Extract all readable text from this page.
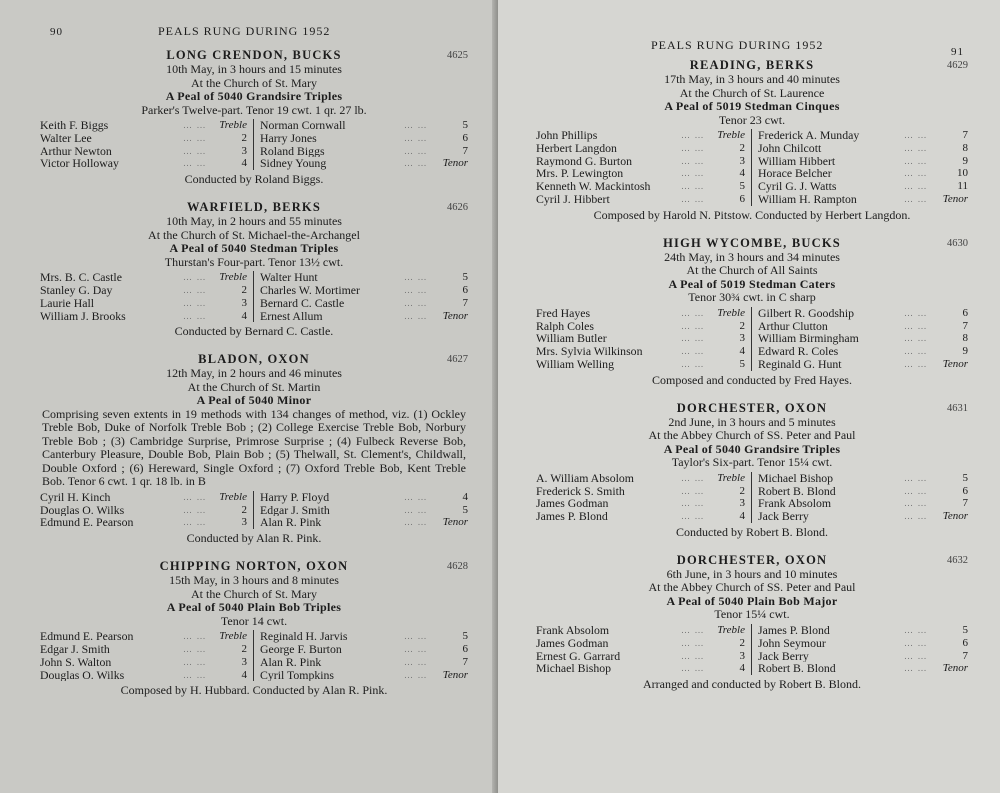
90	PEALS RUNG DURING 1952
LONG CRENDON, BUCKS	4625
10th May, in 3 hours and 15 minutes
At the Church of St. Mary
A Peal of 5040 Grandsire Triples
Parker's Twelve-part. Tenor 19 cwt. 1 qr. 27 lb.
Keith F. Biggs	… …	Treble
Walter Lee	… …	2
Arthur Newton	… …	3
Victor Holloway	… …	4
Norman Cornwall	… …	5
Harry Jones	… …	6
Roland Biggs	… …	7
Sidney Young	… …	Tenor
Conducted by Roland Biggs.
WARFIELD, BERKS	4626
10th May, in 2 hours and 55 minutes
At the Church of St. Michael-the-Archangel
A Peal of 5040 Stedman Triples
Thurstan's Four-part. Tenor 13½ cwt.
Mrs. B. C. Castle	… …	Treble
Stanley G. Day	… …	2
Laurie Hall	… …	3
William J. Brooks	… …	4
Walter Hunt	… …	5
Charles W. Mortimer	… …	6
Bernard C. Castle	… …	7
Ernest Allum	… …	Tenor
Conducted by Bernard C. Castle.
BLADON, OXON	4627
12th May, in 2 hours and 46 minutes
At the Church of St. Martin
A Peal of 5040 Minor
Comprising seven extents in 19 methods with 134 changes of method, viz. (1) Ockley Treble Bob, Duke of Norfolk Treble Bob ; (2) College Exercise Treble Bob, Norbury Treble Bob ; (3) Cambridge Surprise, Primrose Surprise ; (4) Fulbeck Reverse Bob, Canterbury Pleasure, Double Bob, Plain Bob ; (5) Thelwall, St. Clement's, Childwall, Double Oxford ; (6) Hereward, Single Oxford ; (7) Oxford Treble Bob, Kent Treble Bob. Tenor 6 cwt. 1 qr. 18 lb. in B
Cyril H. Kinch	… …	Treble
Douglas O. Wilks	… …	2
Edmund E. Pearson	… …	3
Harry P. Floyd	… …	4
Edgar J. Smith	… …	5
Alan R. Pink	… …	Tenor
Conducted by Alan R. Pink.
CHIPPING NORTON, OXON	4628
15th May, in 3 hours and 8 minutes
At the Church of St. Mary
A Peal of 5040 Plain Bob Triples
Tenor 14 cwt.
Edmund E. Pearson	… …	Treble
Edgar J. Smith	… …	2
John S. Walton	… …	3
Douglas O. Wilks	… …	4
Reginald H. Jarvis	… …	5
George F. Burton	… …	6
Alan R. Pink	… …	7
Cyril Tompkins	… …	Tenor
Composed by H. Hubbard. Conducted by Alan R. Pink.
PEALS RUNG DURING 1952	91
READING, BERKS	4629
17th May, in 3 hours and 40 minutes
At the Church of St. Laurence
A Peal of 5019 Stedman Cinques
Tenor 23 cwt.
John Phillips	… …	Treble
Herbert Langdon	… …	2
Raymond G. Burton	… …	3
Mrs. P. Lewington	… …	4
Kenneth W. Mackintosh	… …	5
Cyril J. Hibbert	… …	6
Frederick A. Munday	… …	7
John Chilcott	… …	8
William Hibbert	… …	9
Horace Belcher	… …	10
Cyril G. J. Watts	… …	11
William H. Rampton	… …	Tenor
Composed by Harold N. Pitstow. Conducted by Herbert Langdon.
HIGH WYCOMBE, BUCKS	4630
24th May, in 3 hours and 34 minutes
At the Church of All Saints
A Peal of 5019 Stedman Caters
Tenor 30¾ cwt. in C sharp
Fred Hayes	… …	Treble
Ralph Coles	… …	2
William Butler	… …	3
Mrs. Sylvia Wilkinson	… …	4
William Welling	… …	5
Gilbert R. Goodship	… …	6
Arthur Clutton	… …	7
William Birmingham	… …	8
Edward R. Coles	… …	9
Reginald G. Hunt	… …	Tenor
Composed and conducted by Fred Hayes.
DORCHESTER, OXON	4631
2nd June, in 3 hours and 5 minutes
At the Abbey Church of SS. Peter and Paul
A Peal of 5040 Grandsire Triples
Taylor's Six-part. Tenor 15¼ cwt.
A. William Absolom	… …	Treble
Frederick S. Smith	… …	2
James Godman	… …	3
James P. Blond	… …	4
Michael Bishop	… …	5
Robert B. Blond	… …	6
Frank Absolom	… …	7
Jack Berry	… …	Tenor
Conducted by Robert B. Blond.
DORCHESTER, OXON	4632
6th June, in 3 hours and 10 minutes
At the Abbey Church of SS. Peter and Paul
A Peal of 5040 Plain Bob Major
Tenor 15¼ cwt.
Frank Absolom	… …	Treble
James Godman	… …	2
Ernest G. Garrard	… …	3
Michael Bishop	… …	4
James P. Blond	… …	5
John Seymour	… …	6
Jack Berry	… …	7
Robert B. Blond	… …	Tenor
Arranged and conducted by Robert B. Blond.
